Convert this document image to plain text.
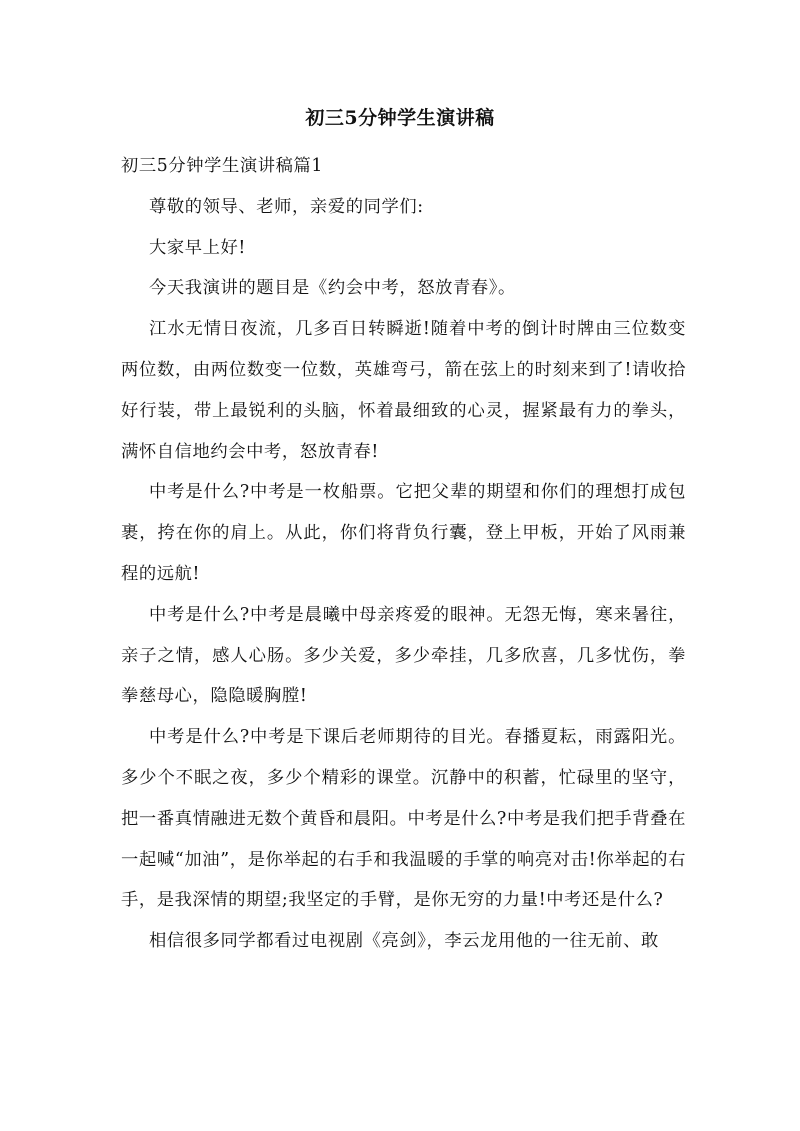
初三5分钟学生演讲稿

初三5分钟学生演讲稿篇1

尊敬的领导、老师，亲爱的同学们:

大家早上好!

今天我演讲的题目是《约会中考，怒放青春》。

江水无情日夜流，几多百日转瞬逝!随着中考的倒计时牌由三位数变两位数，由两位数变一位数，英雄弯弓，箭在弦上的时刻来到了!请收拾好行装，带上最锐利的头脑，怀着最细致的心灵，握紧最有力的拳头，满怀自信地约会中考，怒放青春!

中考是什么?中考是一枚船票。它把父辈的期望和你们的理想打成包裹，挎在你的肩上。从此，你们将背负行囊，登上甲板，开始了风雨兼程的远航!

中考是什么?中考是晨曦中母亲疼爱的眼神。无怨无悔，寒来暑往，亲子之情，感人心肠。多少关爱，多少牵挂，几多欣喜，几多忧伤，拳拳慈母心，隐隐暖胸膛!

中考是什么?中考是下课后老师期待的目光。春播夏耘，雨露阳光。多少个不眠之夜，多少个精彩的课堂。沉静中的积蓄，忙碌里的坚守，把一番真情融进无数个黄昏和晨阳。中考是什么?中考是我们把手背叠在一起喊“加油”，是你举起的右手和我温暖的手掌的响亮对击!你举起的右手，是我深情的期望;我坚定的手臂，是你无穷的力量!中考还是什么?

相信很多同学都看过电视剧《亮剑》，李云龙用他的一往无前、敢
